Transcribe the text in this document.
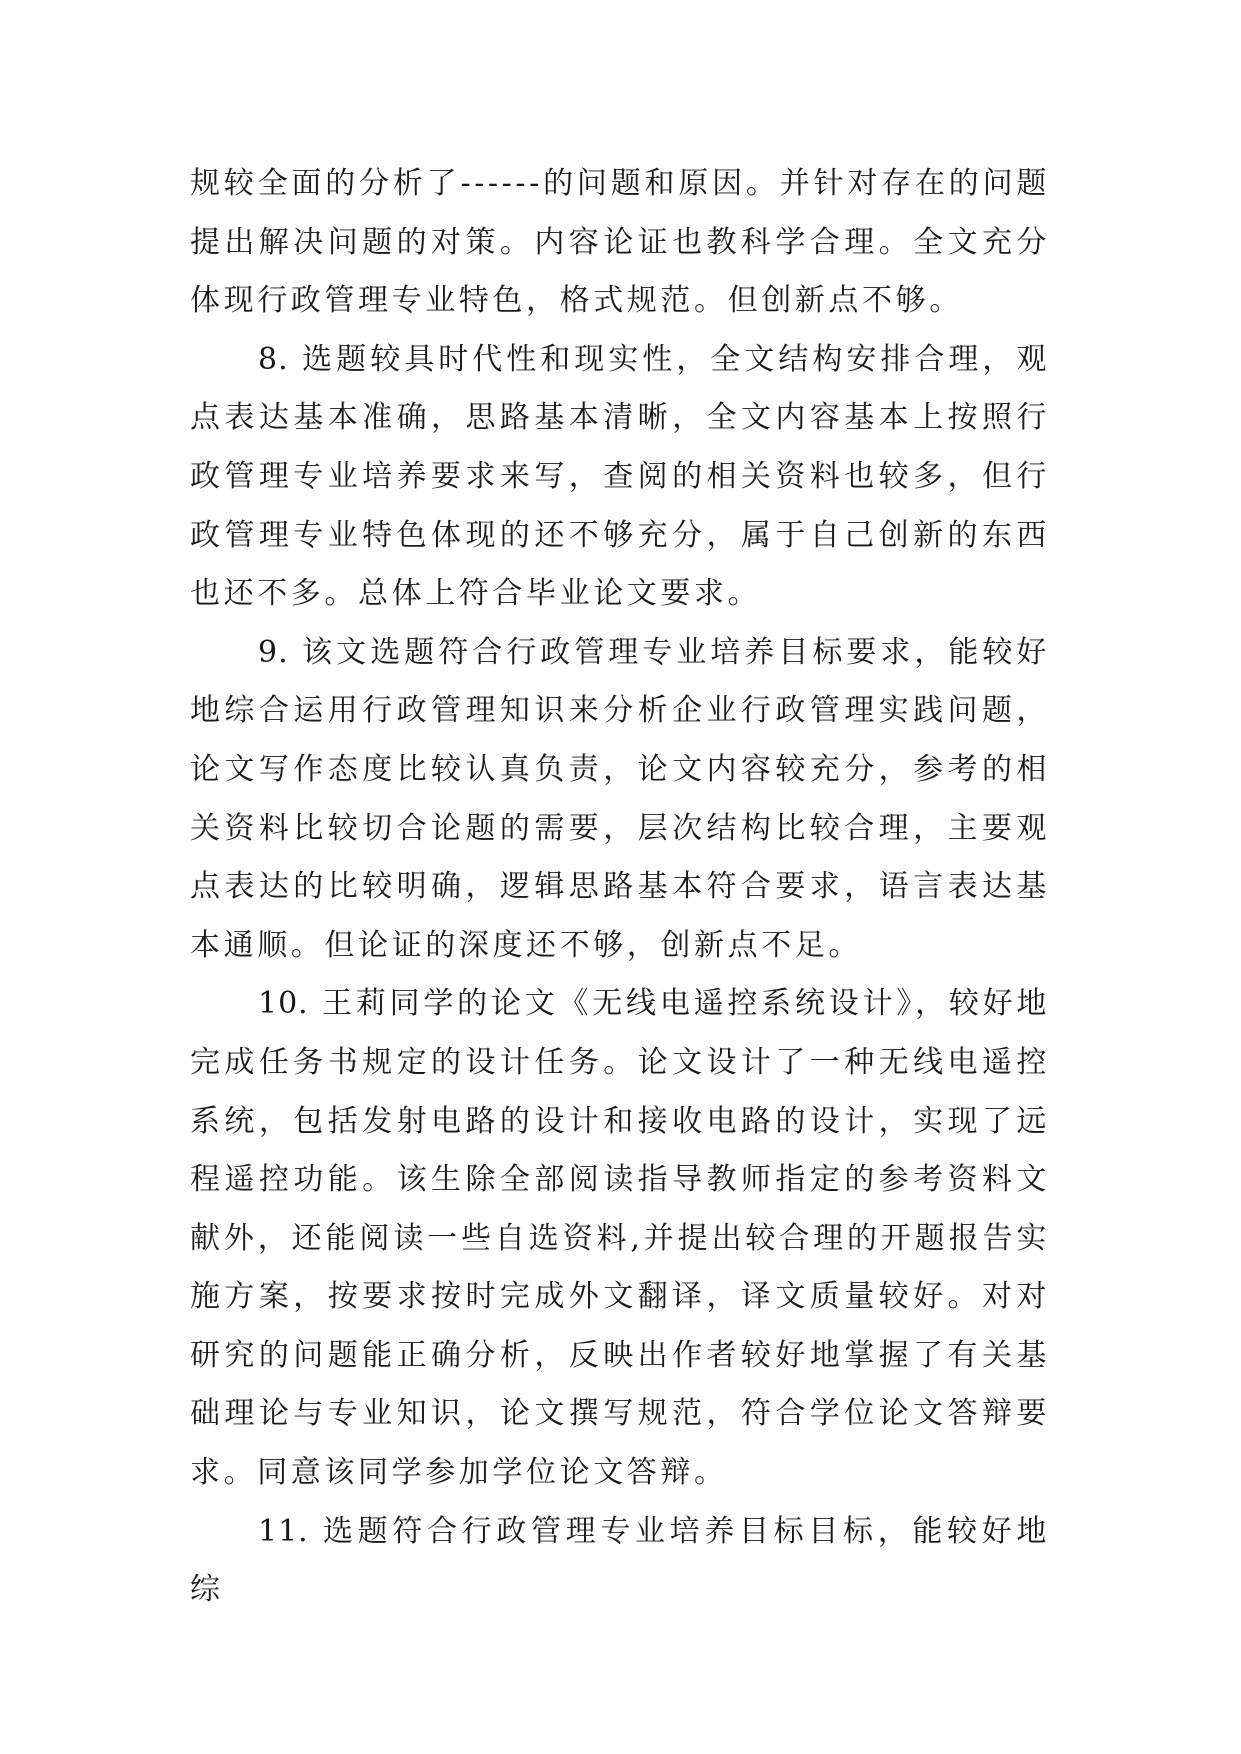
规较全面的分析了------的问题和原因。并针对存在的问题提出解决问题的对策。内容论证也教科学合理。全文充分体现行政管理专业特色，格式规范。但创新点不够。

8. 选题较具时代性和现实性，全文结构安排合理，观点表达基本准确，思路基本清晰，全文内容基本上按照行政管理专业培养要求来写，查阅的相关资料也较多，但行政管理专业特色体现的还不够充分，属于自己创新的东西也还不多。总体上符合毕业论文要求。

9. 该文选题符合行政管理专业培养目标要求，能较好地综合运用行政管理知识来分析企业行政管理实践问题，论文写作态度比较认真负责，论文内容较充分，参考的相关资料比较切合论题的需要，层次结构比较合理，主要观点表达的比较明确，逻辑思路基本符合要求，语言表达基本通顺。但论证的深度还不够，创新点不足。

10. 王莉同学的论文《无线电遥控系统设计》，较好地完成任务书规定的设计任务。论文设计了一种无线电遥控系统，包括发射电路的设计和接收电路的设计，实现了远程遥控功能。该生除全部阅读指导教师指定的参考资料文献外，还能阅读一些自选资料,并提出较合理的开题报告实施方案，按要求按时完成外文翻译，译文质量较好。对对研究的问题能正确分析，反映出作者较好地掌握了有关基础理论与专业知识，论文撰写规范，符合学位论文答辩要求。同意该同学参加学位论文答辩。

11. 选题符合行政管理专业培养目标目标，能较好地综
